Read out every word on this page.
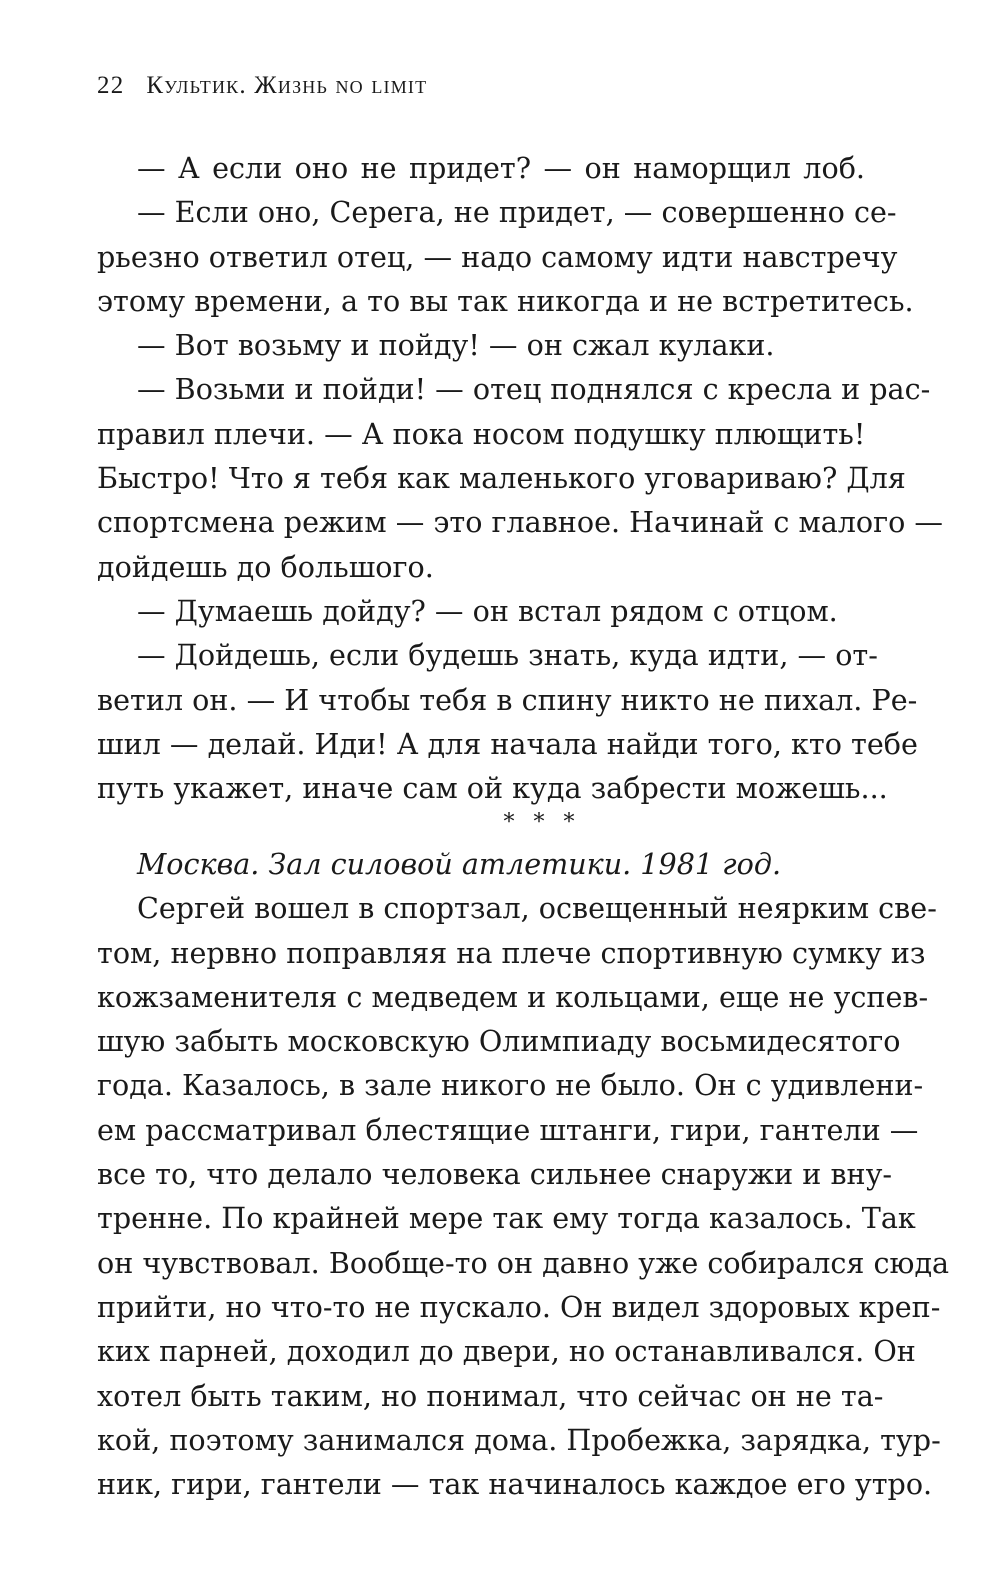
22 Культик. Жизнь no limit
— А если оно не придет? — он наморщил лоб.
— Если оно, Серега, не придет, — совершенно се-
рьезно ответил отец, — надо самому идти навстречу
этому времени, а то вы так никогда и не встретитесь.
— Вот возьму и пойду! — он сжал кулаки.
— Возьми и пойди! — отец поднялся с кресла и рас-
правил плечи. — А пока носом подушку плющить!
Быстро! Что я тебя как маленького уговариваю? Для
спортсмена режим — это главное. Начинай с малого —
дойдешь до большого.
— Думаешь дойду? — он встал рядом с отцом.
— Дойдешь, если будешь знать, куда идти, — от-
ветил он. — И чтобы тебя в спину никто не пихал. Ре-
шил — делай. Иди! А для начала найди того, кто тебе
путь укажет, иначе сам ой куда забрести можешь...
* * *
Москва. Зал силовой атлетики. 1981 год.
Сергей вошел в спортзал, освещенный неярким све-
том, нервно поправляя на плече спортивную сумку из
кожзаменителя с медведем и кольцами, еще не успев-
шую забыть московскую Олимпиаду восьмидесятого
года. Казалось, в зале никого не было. Он с удивлени-
ем рассматривал блестящие штанги, гири, гантели —
все то, что делало человека сильнее снаружи и вну-
тренне. По крайней мере так ему тогда казалось. Так
он чувствовал. Вообще-то он давно уже собирался сюда
прийти, но что-то не пускало. Он видел здоровых креп-
ких парней, доходил до двери, но останавливался. Он
хотел быть таким, но понимал, что сейчас он не та-
кой, поэтому занимался дома. Пробежка, зарядка, тур-
ник, гири, гантели — так начиналось каждое его утро.
